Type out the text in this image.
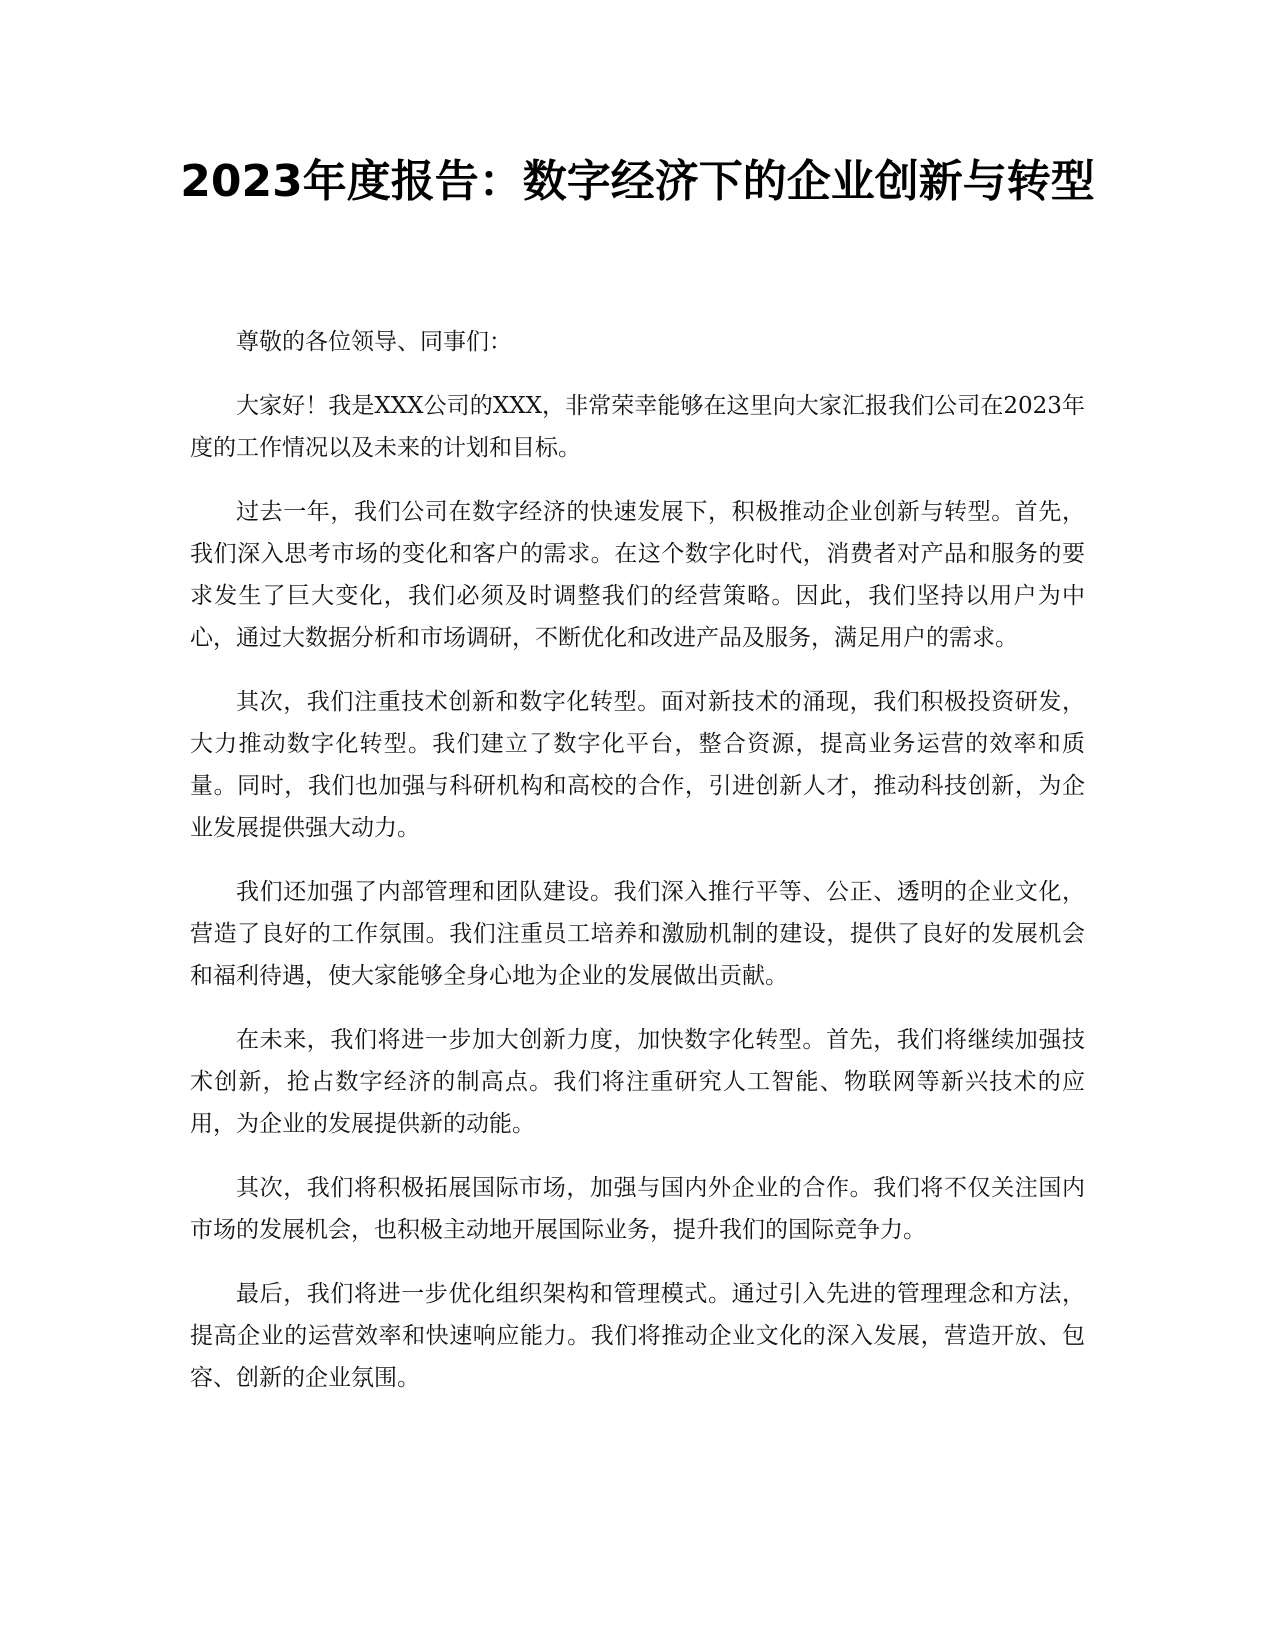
2023年度报告：数字经济下的企业创新与转型

尊敬的各位领导、同事们：

大家好！我是XXX公司的XXX，非常荣幸能够在这里向大家汇报我们公司在2023年度的工作情况以及未来的计划和目标。

过去一年，我们公司在数字经济的快速发展下，积极推动企业创新与转型。首先，我们深入思考市场的变化和客户的需求。在这个数字化时代，消费者对产品和服务的要求发生了巨大变化，我们必须及时调整我们的经营策略。因此，我们坚持以用户为中心，通过大数据分析和市场调研，不断优化和改进产品及服务，满足用户的需求。

其次，我们注重技术创新和数字化转型。面对新技术的涌现，我们积极投资研发，大力推动数字化转型。我们建立了数字化平台，整合资源，提高业务运营的效率和质量。同时，我们也加强与科研机构和高校的合作，引进创新人才，推动科技创新，为企业发展提供强大动力。

我们还加强了内部管理和团队建设。我们深入推行平等、公正、透明的企业文化，营造了良好的工作氛围。我们注重员工培养和激励机制的建设，提供了良好的发展机会和福利待遇，使大家能够全身心地为企业的发展做出贡献。

在未来，我们将进一步加大创新力度，加快数字化转型。首先，我们将继续加强技术创新，抢占数字经济的制高点。我们将注重研究人工智能、物联网等新兴技术的应用，为企业的发展提供新的动能。

其次，我们将积极拓展国际市场，加强与国内外企业的合作。我们将不仅关注国内市场的发展机会，也积极主动地开展国际业务，提升我们的国际竞争力。

最后，我们将进一步优化组织架构和管理模式。通过引入先进的管理理念和方法，提高企业的运营效率和快速响应能力。我们将推动企业文化的深入发展，营造开放、包容、创新的企业氛围。
